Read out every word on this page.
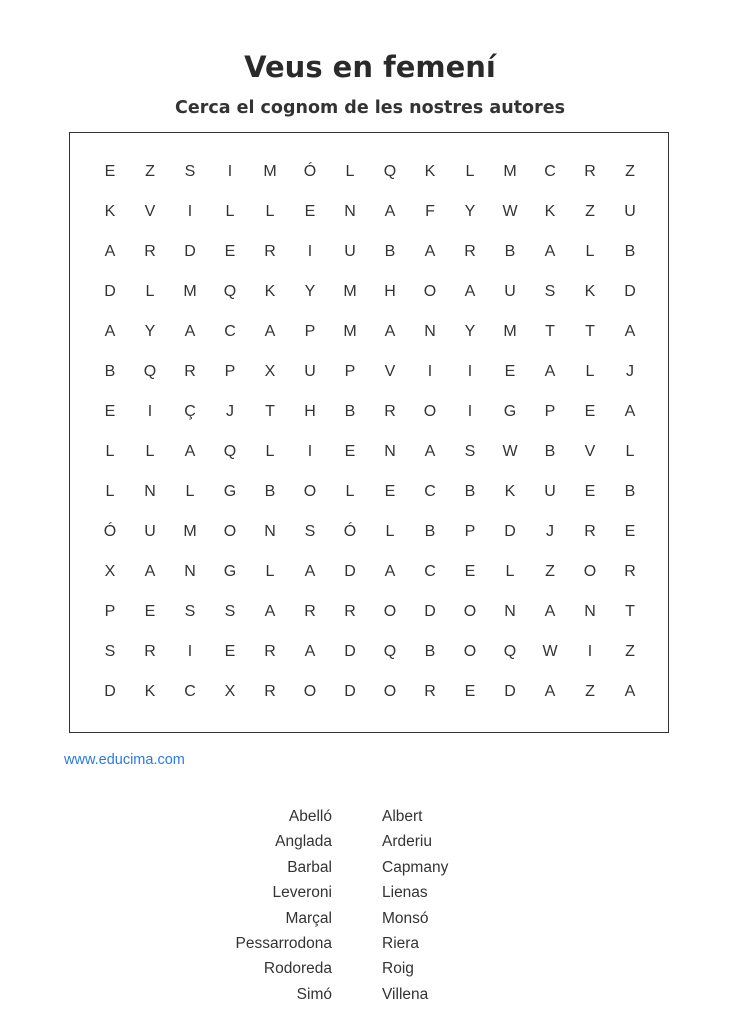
Veus en femení
Cerca el cognom de les nostres autores
E	Z	S	I	M	Ó	L	Q	K	L	M	C	R	Z
K	V	I	L	L	E	N	A	F	Y	W	K	Z	U
A	R	D	E	R	I	U	B	A	R	B	A	L	B
D	L	M	Q	K	Y	M	H	O	A	U	S	K	D
A	Y	A	C	A	P	M	A	N	Y	M	T	T	A
B	Q	R	P	X	U	P	V	I	I	E	A	L	J
E	I	Ç	J	T	H	B	R	O	I	G	P	E	A
L	L	A	Q	L	I	E	N	A	S	W	B	V	L
L	N	L	G	B	O	L	E	C	B	K	U	E	B
Ó	U	M	O	N	S	Ó	L	B	P	D	J	R	E
X	A	N	G	L	A	D	A	C	E	L	Z	O	R
P	E	S	S	A	R	R	O	D	O	N	A	N	T
S	R	I	E	R	A	D	Q	B	O	Q	W	I	Z
D	K	C	X	R	O	D	O	R	E	D	A	Z	A
www.educima.com
Abelló
Anglada
Barbal
Leveroni
Marçal
Pessarrodona
Rodoreda
Simó
Albert
Arderiu
Capmany
Lienas
Monsó
Riera
Roig
Villena
